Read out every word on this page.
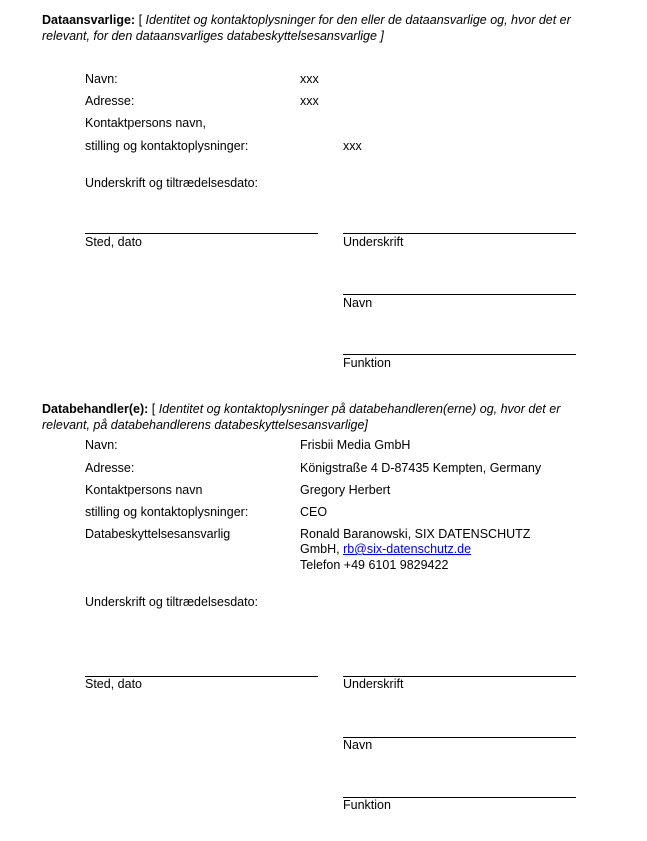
Dataansvarlige: [ Identitet og kontaktoplysninger for den eller de dataansvarlige og, hvor det er relevant, for den dataansvarliges databeskyttelsesansvarlige ]
Navn:	xxx
Adresse:	xxx
Kontaktpersons navn,
stilling og kontaktoplysninger:	xxx
Underskrift og tiltrædelsesdato:
Sted, dato	Underskrift
Navn
Funktion
Databehandler(e): [ Identitet og kontaktoplysninger på databehandleren(erne) og, hvor det er relevant, på databehandlerens databeskyttelsesansvarlige]
Navn:	Frisbii Media GmbH
Adresse:	Königstraße 4 D-87435 Kempten, Germany
Kontaktpersons navn	Gregory Herbert
stilling og kontaktoplysninger:	CEO
Databeskyttelsesansvarlig	Ronald Baranowski, SIX DATENSCHUTZ
GmbH, rb@six-datenschutz.de
Telefon +49 6101 9829422
Underskrift og tiltrædelsesdato:
Sted, dato	Underskrift
Navn
Funktion
